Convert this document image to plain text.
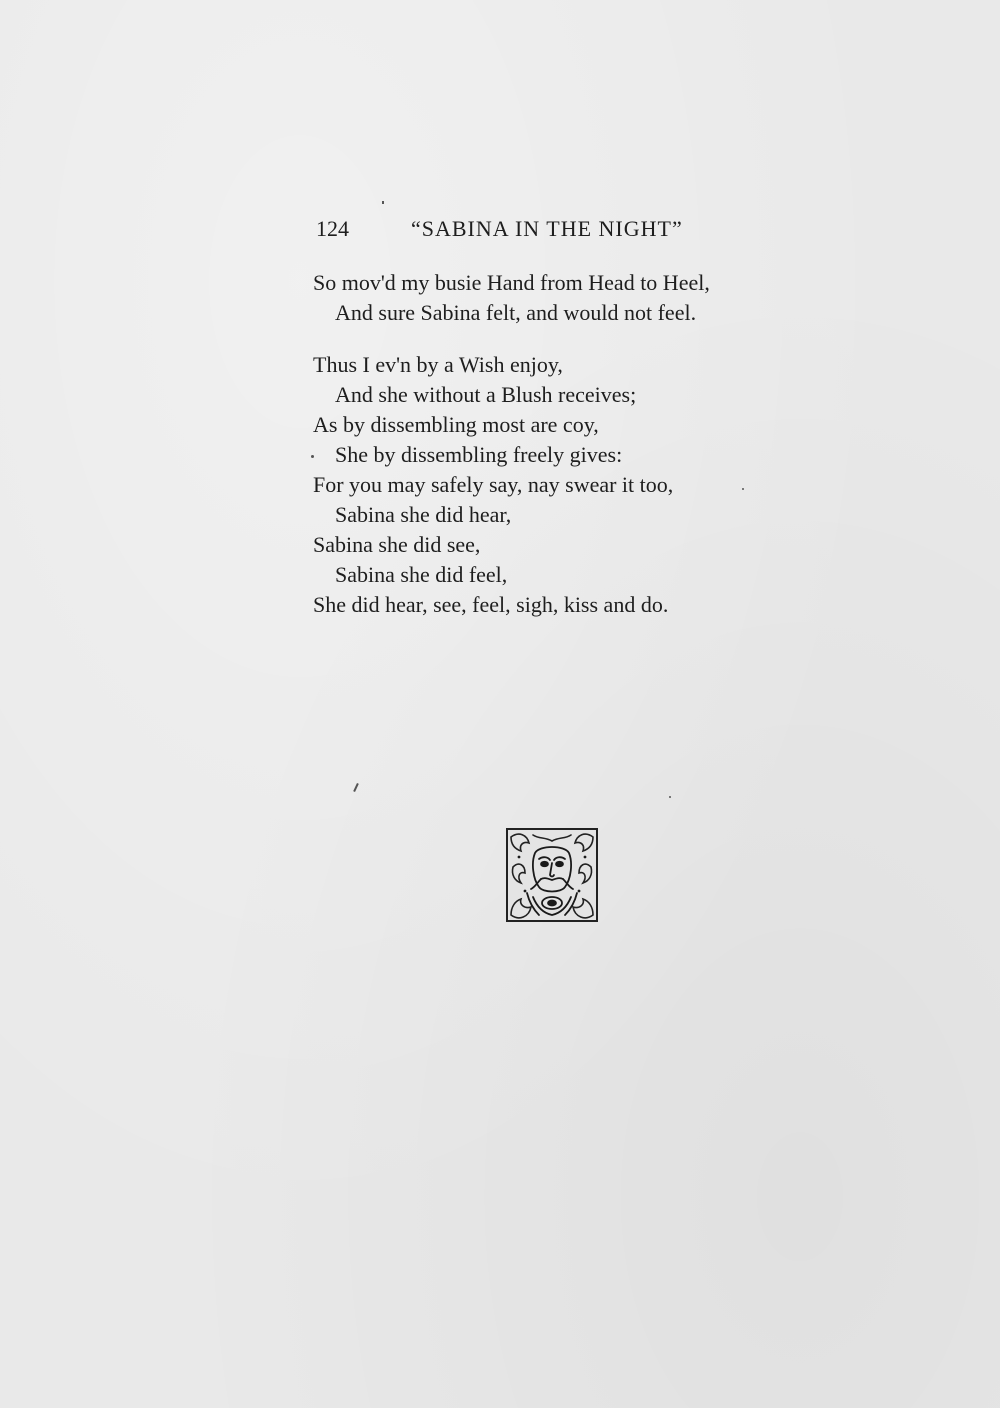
124	“SABINA IN THE NIGHT”
So mov'd my busie Hand from Head to Heel,
And sure Sabina felt, and would not feel.
Thus I ev'n by a Wish enjoy,
And she without a Blush receives;
As by dissembling most are coy,
She by dissembling freely gives:
For you may safely say, nay swear it too,
Sabina she did hear,
Sabina she did see,
Sabina she did feel,
She did hear, see, feel, sigh, kiss and do.
